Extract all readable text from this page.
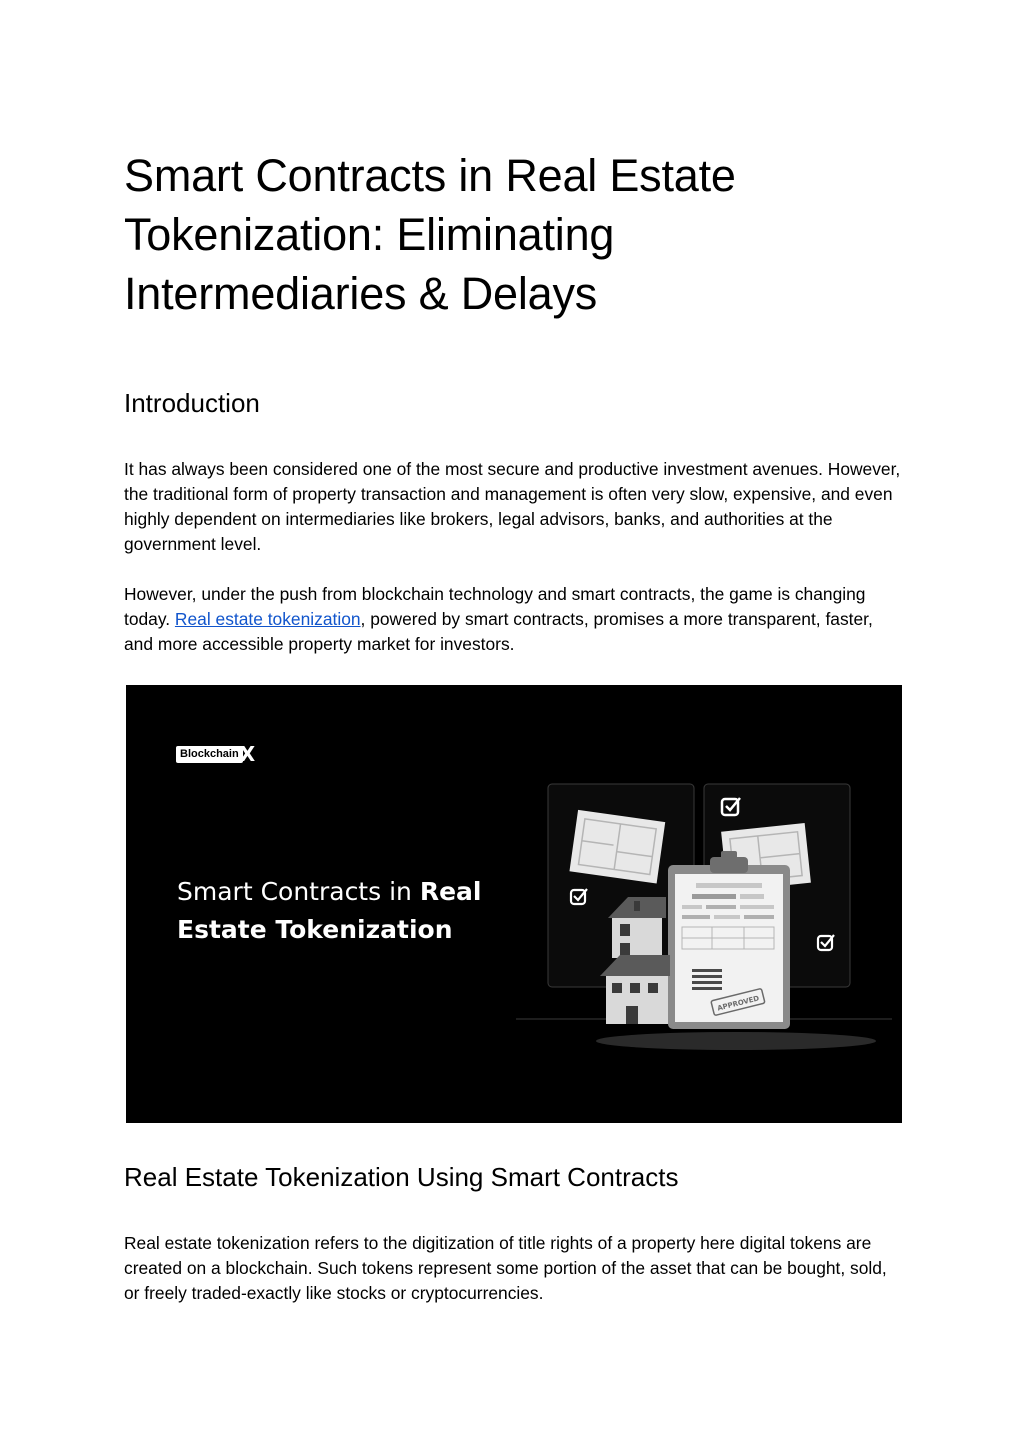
Smart Contracts in Real Estate Tokenization: Eliminating Intermediaries & Delays
Introduction

It has always been considered one of the most secure and productive investment avenues. However, the traditional form of property transaction and management is often very slow, expensive, and even highly dependent on intermediaries like brokers, legal advisors, banks, and authorities at the government level.

However, under the push from blockchain technology and smart contracts, the game is changing today. Real estate tokenization, powered by smart contracts, promises a more transparent, faster, and more accessible property market for investors.

Blockchain X
Smart Contracts in Real
Estate Tokenization
APPROVED
Real Estate Tokenization Using Smart Contracts

Real estate tokenization refers to the digitization of title rights of a property here digital tokens are created on a blockchain. Such tokens represent some portion of the asset that can be bought, sold, or freely traded-exactly like stocks or cryptocurrencies.
